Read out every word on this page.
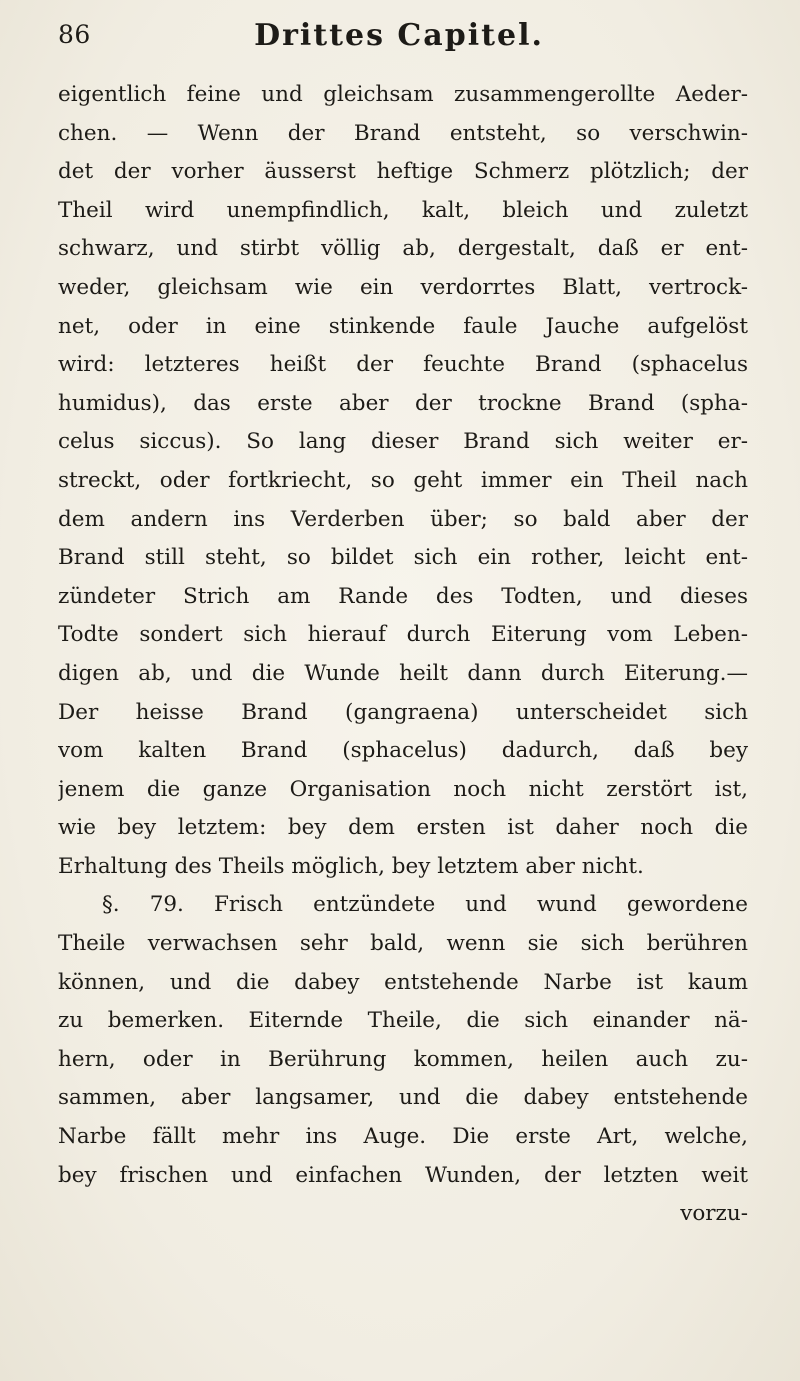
86	Drittes Capitel.
eigentlich feine und gleichsam zusammengerollte Aeder-
chen. — Wenn der Brand entsteht, so verschwin-
det der vorher äusserst heftige Schmerz plötzlich; der
Theil wird unempfindlich, kalt, bleich und zuletzt
schwarz, und stirbt völlig ab, dergestalt, daß er ent-
weder, gleichsam wie ein verdorrtes Blatt, vertrock-
net, oder in eine stinkende faule Jauche aufgelöst
wird: letzteres heißt der feuchte Brand (sphacelus
humidus), das erste aber der trockne Brand (spha-
celus siccus). So lang dieser Brand sich weiter er-
streckt, oder fortkriecht, so geht immer ein Theil nach
dem andern ins Verderben über; so bald aber der
Brand still steht, so bildet sich ein rother, leicht ent-
zündeter Strich am Rande des Todten, und dieses
Todte sondert sich hierauf durch Eiterung vom Leben-
digen ab, und die Wunde heilt dann durch Eiterung.—
Der heisse Brand (gangraena) unterscheidet sich
vom kalten Brand (sphacelus) dadurch, daß bey
jenem die ganze Organisation noch nicht zerstört ist,
wie bey letztem: bey dem ersten ist daher noch die
Erhaltung des Theils möglich, bey letztem aber nicht.
§. 79. Frisch entzündete und wund gewordene
Theile verwachsen sehr bald, wenn sie sich berühren
können, und die dabey entstehende Narbe ist kaum
zu bemerken. Eiternde Theile, die sich einander nä-
hern, oder in Berührung kommen, heilen auch zu-
sammen, aber langsamer, und die dabey entstehende
Narbe fällt mehr ins Auge. Die erste Art, welche,
bey frischen und einfachen Wunden, der letzten weit
vorzu-
